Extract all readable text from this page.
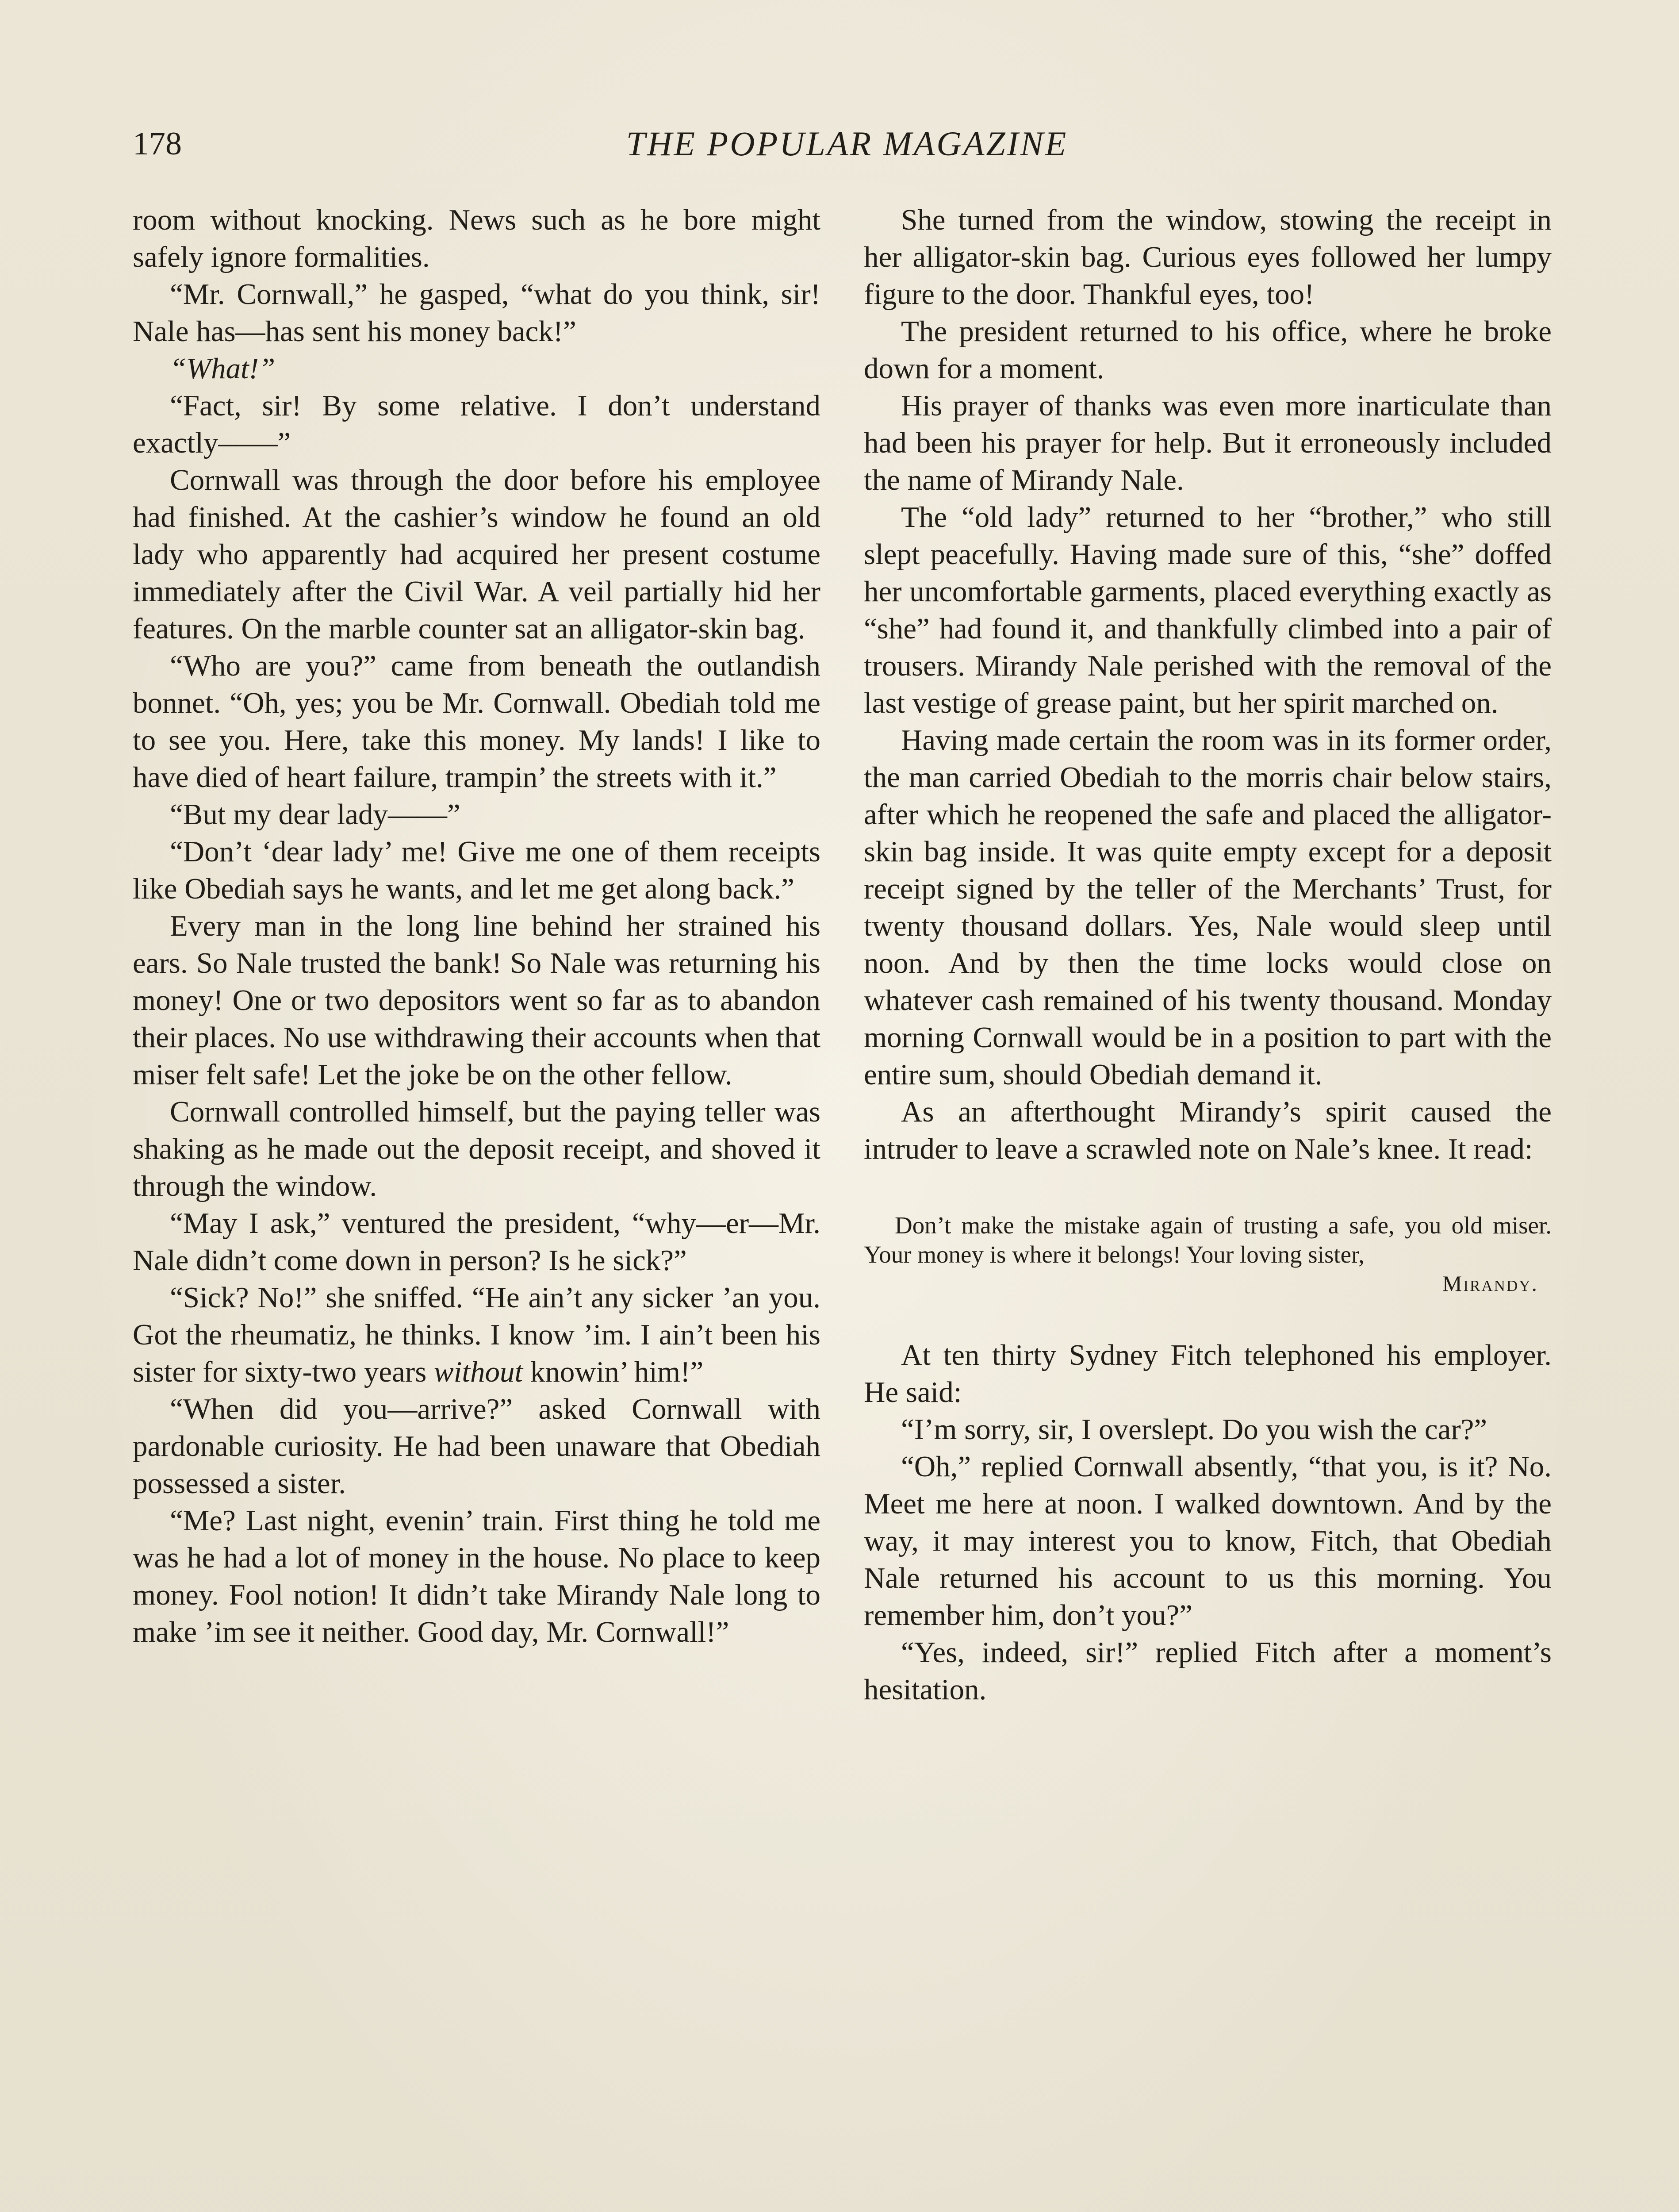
178	THE POPULAR MAGAZINE

room without knocking. News such as he bore might safely ignore formalities.

“Mr. Cornwall,” he gasped, “what do you think, sir! Nale has—has sent his money back!”

“What!”

“Fact, sir! By some relative. I don’t understand exactly——”

Cornwall was through the door before his employee had finished. At the cashier’s window he found an old lady who apparently had acquired her present costume immediately after the Civil War. A veil partially hid her features. On the marble counter sat an alligator-skin bag.

“Who are you?” came from beneath the outlandish bonnet. “Oh, yes; you be Mr. Cornwall. Obediah told me to see you. Here, take this money. My lands! I like to have died of heart failure, trampin’ the streets with it.”

“But my dear lady——”

“Don’t ‘dear lady’ me! Give me one of them receipts like Obediah says he wants, and let me get along back.”

Every man in the long line behind her strained his ears. So Nale trusted the bank! So Nale was returning his money! One or two depositors went so far as to abandon their places. No use withdrawing their accounts when that miser felt safe! Let the joke be on the other fellow.

Cornwall controlled himself, but the paying teller was shaking as he made out the deposit receipt, and shoved it through the window.

“May I ask,” ventured the president, “why—er—Mr. Nale didn’t come down in person? Is he sick?”

“Sick? No!” she sniffed. “He ain’t any sicker ’an you. Got the rheumatiz, he thinks. I know ’im. I ain’t been his sister for sixty-two years without knowin’ him!”

“When did you—arrive?” asked Cornwall with pardonable curiosity. He had been unaware that Obediah possessed a sister.

“Me? Last night, evenin’ train. First thing he told me was he had a lot of money in the house. No place to keep money. Fool notion! It didn’t take Mirandy Nale long to make ’im see it neither. Good day, Mr. Cornwall!”

She turned from the window, stowing the receipt in her alligator-skin bag. Curious eyes followed her lumpy figure to the door. Thankful eyes, too!

The president returned to his office, where he broke down for a moment.

His prayer of thanks was even more inarticulate than had been his prayer for help. But it erroneously included the name of Mirandy Nale.

The “old lady” returned to her “brother,” who still slept peacefully. Having made sure of this, “she” doffed her uncomfortable garments, placed everything exactly as “she” had found it, and thankfully climbed into a pair of trousers. Mirandy Nale perished with the removal of the last vestige of grease paint, but her spirit marched on.

Having made certain the room was in its former order, the man carried Obediah to the morris chair below stairs, after which he reopened the safe and placed the alligator-skin bag inside. It was quite empty except for a deposit receipt signed by the teller of the Merchants’ Trust, for twenty thousand dollars. Yes, Nale would sleep until noon. And by then the time locks would close on whatever cash remained of his twenty thousand. Monday morning Cornwall would be in a position to part with the entire sum, should Obediah demand it.

As an afterthought Mirandy’s spirit caused the intruder to leave a scrawled note on Nale’s knee. It read:

Don’t make the mistake again of trusting a safe, you old miser. Your money is where it belongs! Your loving sister,
Mirandy.

At ten thirty Sydney Fitch telephoned his employer. He said:

“I’m sorry, sir, I overslept. Do you wish the car?”

“Oh,” replied Cornwall absently, “that you, is it? No. Meet me here at noon. I walked downtown. And by the way, it may interest you to know, Fitch, that Obediah Nale returned his account to us this morning. You remember him, don’t you?”

“Yes, indeed, sir!” replied Fitch after a moment’s hesitation.
